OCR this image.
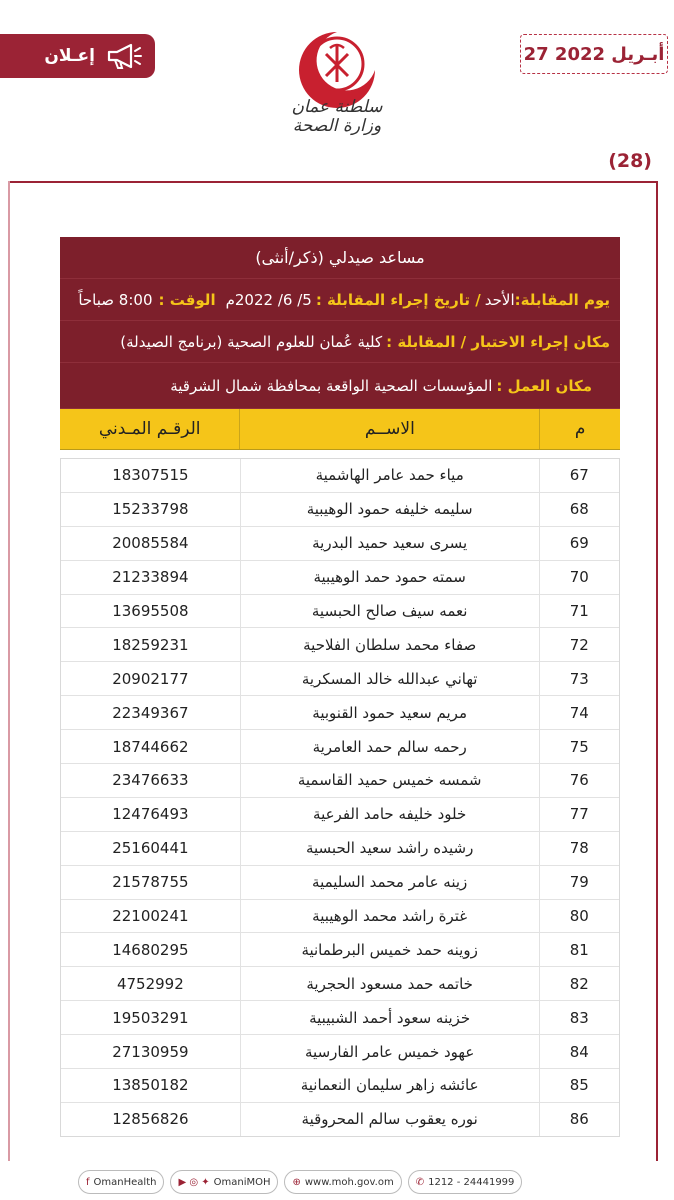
إعـلان	27 أبـريل 2022
سلطنة عمان
وزارة الصحة
(28)
مساعد صيدلي (ذكر/أنثى)
يوم المقابلة:
الأحد
/ تاريخ إجراء المقابلة :
5/ 6/ 2022م
الوقت :
8:00 صباحاً
مكان إجراء الاختبار / المقابلة :
كلية عُمان للعلوم الصحية (برنامج الصيدلة)
مكان العمل :
المؤسسات الصحية الواقعة بمحافظة شمال الشرقية
م
الاســم
الرقـم المـدني
67
مياء حمد عامر الهاشمية
18307515
68
سليمه خليفه حمود الوهيبية
15233798
69
يسرى سعيد حميد البدرية
20085584
70
سمته حمود حمد الوهيبية
21233894
71
نعمه سيف صالح الحبسية
13695508
72
صفاء محمد سلطان الفلاحية
18259231
73
تهاني عبدالله خالد المسكرية
20902177
74
مريم سعيد حمود القنوبية
22349367
75
رحمه سالم حمد العامرية
18744662
76
شمسه خميس حميد القاسمية
23476633
77
خلود خليفه حامد الفرعية
12476493
78
رشيده راشد سعيد الحبسية
25160441
79
زينه عامر محمد السليمية
21578755
80
غترة راشد محمد الوهيبية
22100241
81
زوينه حمد خميس البرطمانية
14680295
82
خاتمه حمد مسعود الحجرية
4752992
83
خزينه سعود أحمد الشبيبية
19503291
84
عهود خميس عامر الفارسية
27130959
85
عائشه زاهر سليمان النعمانية
13850182
86
نوره يعقوب سالم المحروقية
12856826
f OmanHealth ▶ ◎ ✦ OmaniMOH ⊕ www.moh.gov.om ✆ 1212 - 24441999
